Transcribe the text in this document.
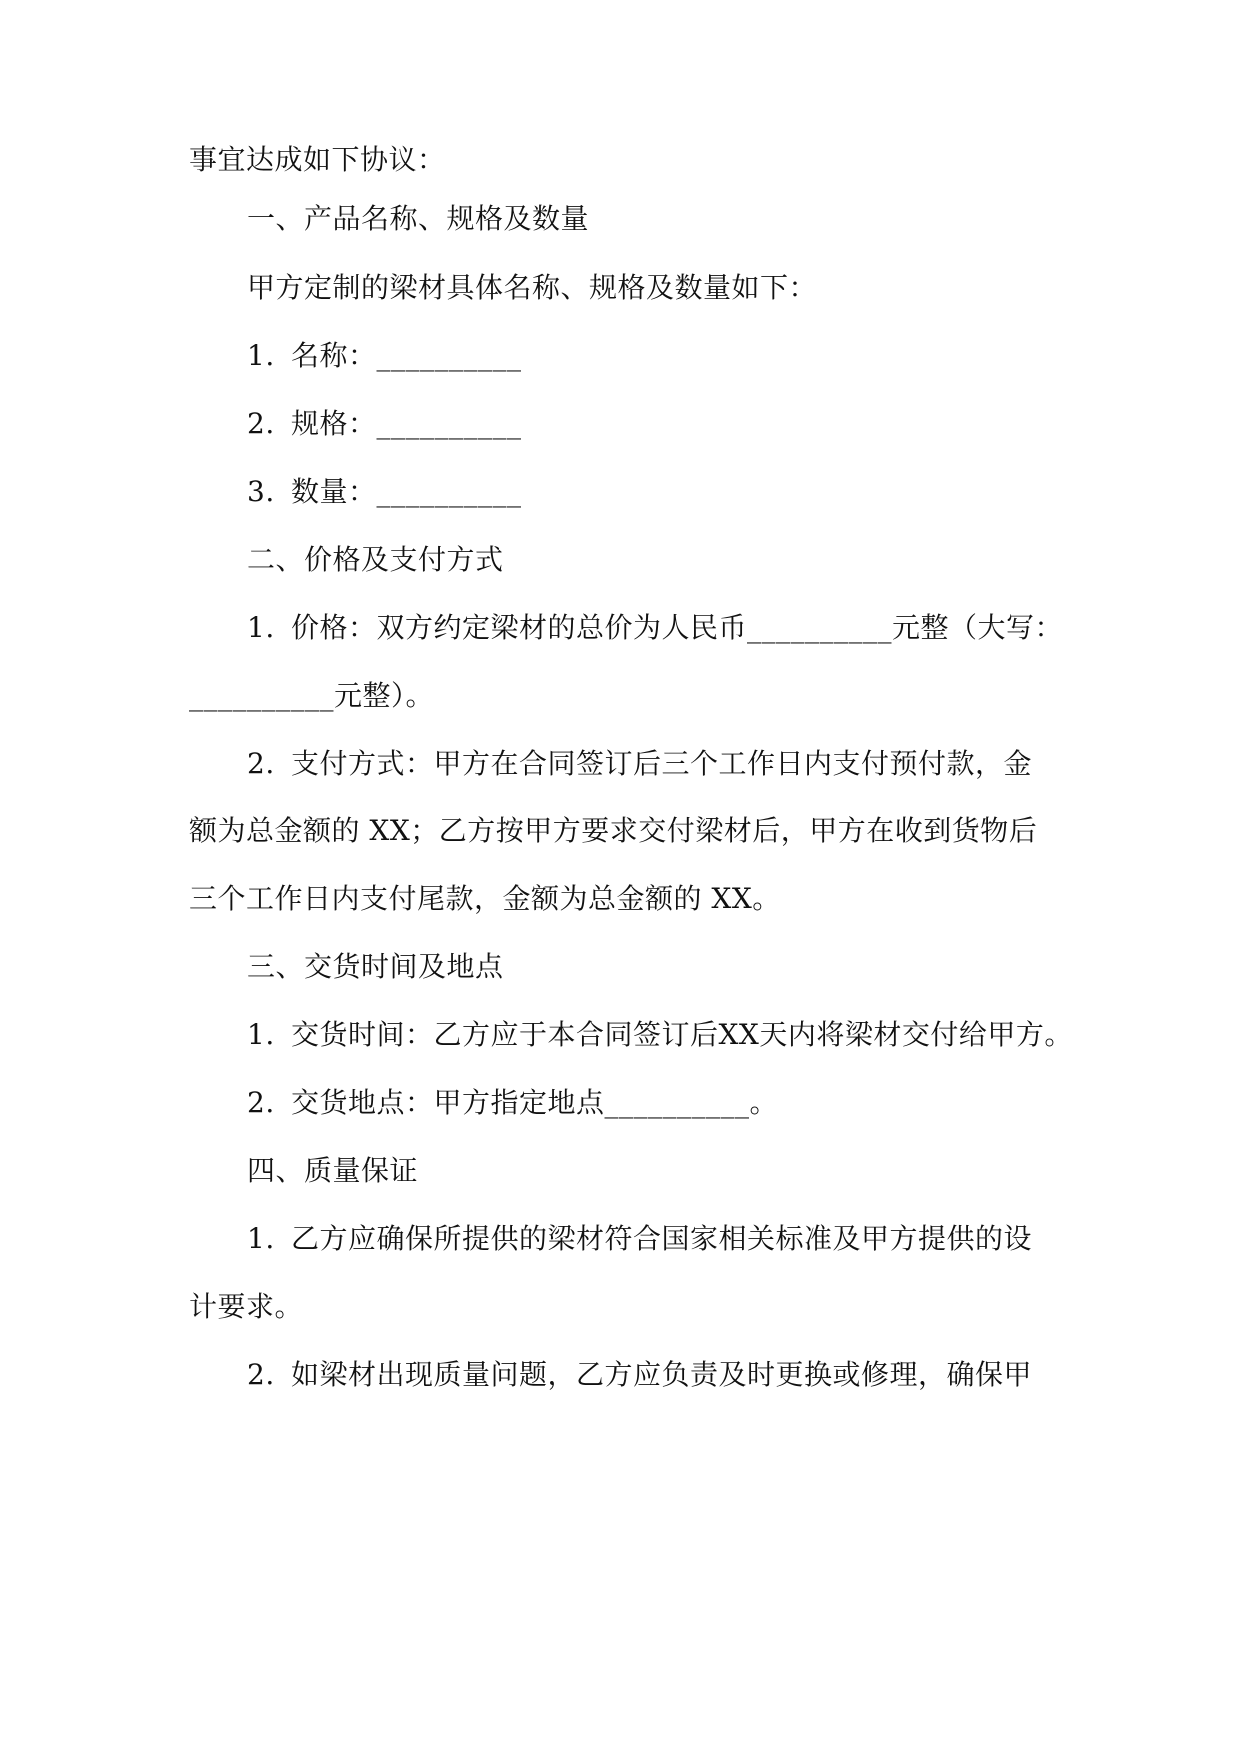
事宜达成如下协议：
一、产品名称、规格及数量
甲方定制的梁材具体名称、规格及数量如下：
1. 名称：__________
2. 规格：__________
3. 数量：__________
二、价格及支付方式
1. 价格：双方约定梁材的总价为人民币__________元整（大写：
__________元整）。
2. 支付方式：甲方在合同签订后三个工作日内支付预付款，金
额为总金额的 XX；乙方按甲方要求交付梁材后，甲方在收到货物后
三个工作日内支付尾款，金额为总金额的 XX。
三、交货时间及地点
1. 交货时间：乙方应于本合同签订后XX天内将梁材交付给甲方。
2. 交货地点：甲方指定地点__________。
四、质量保证
1. 乙方应确保所提供的梁材符合国家相关标准及甲方提供的设
计要求。
2. 如梁材出现质量问题，乙方应负责及时更换或修理，确保甲
